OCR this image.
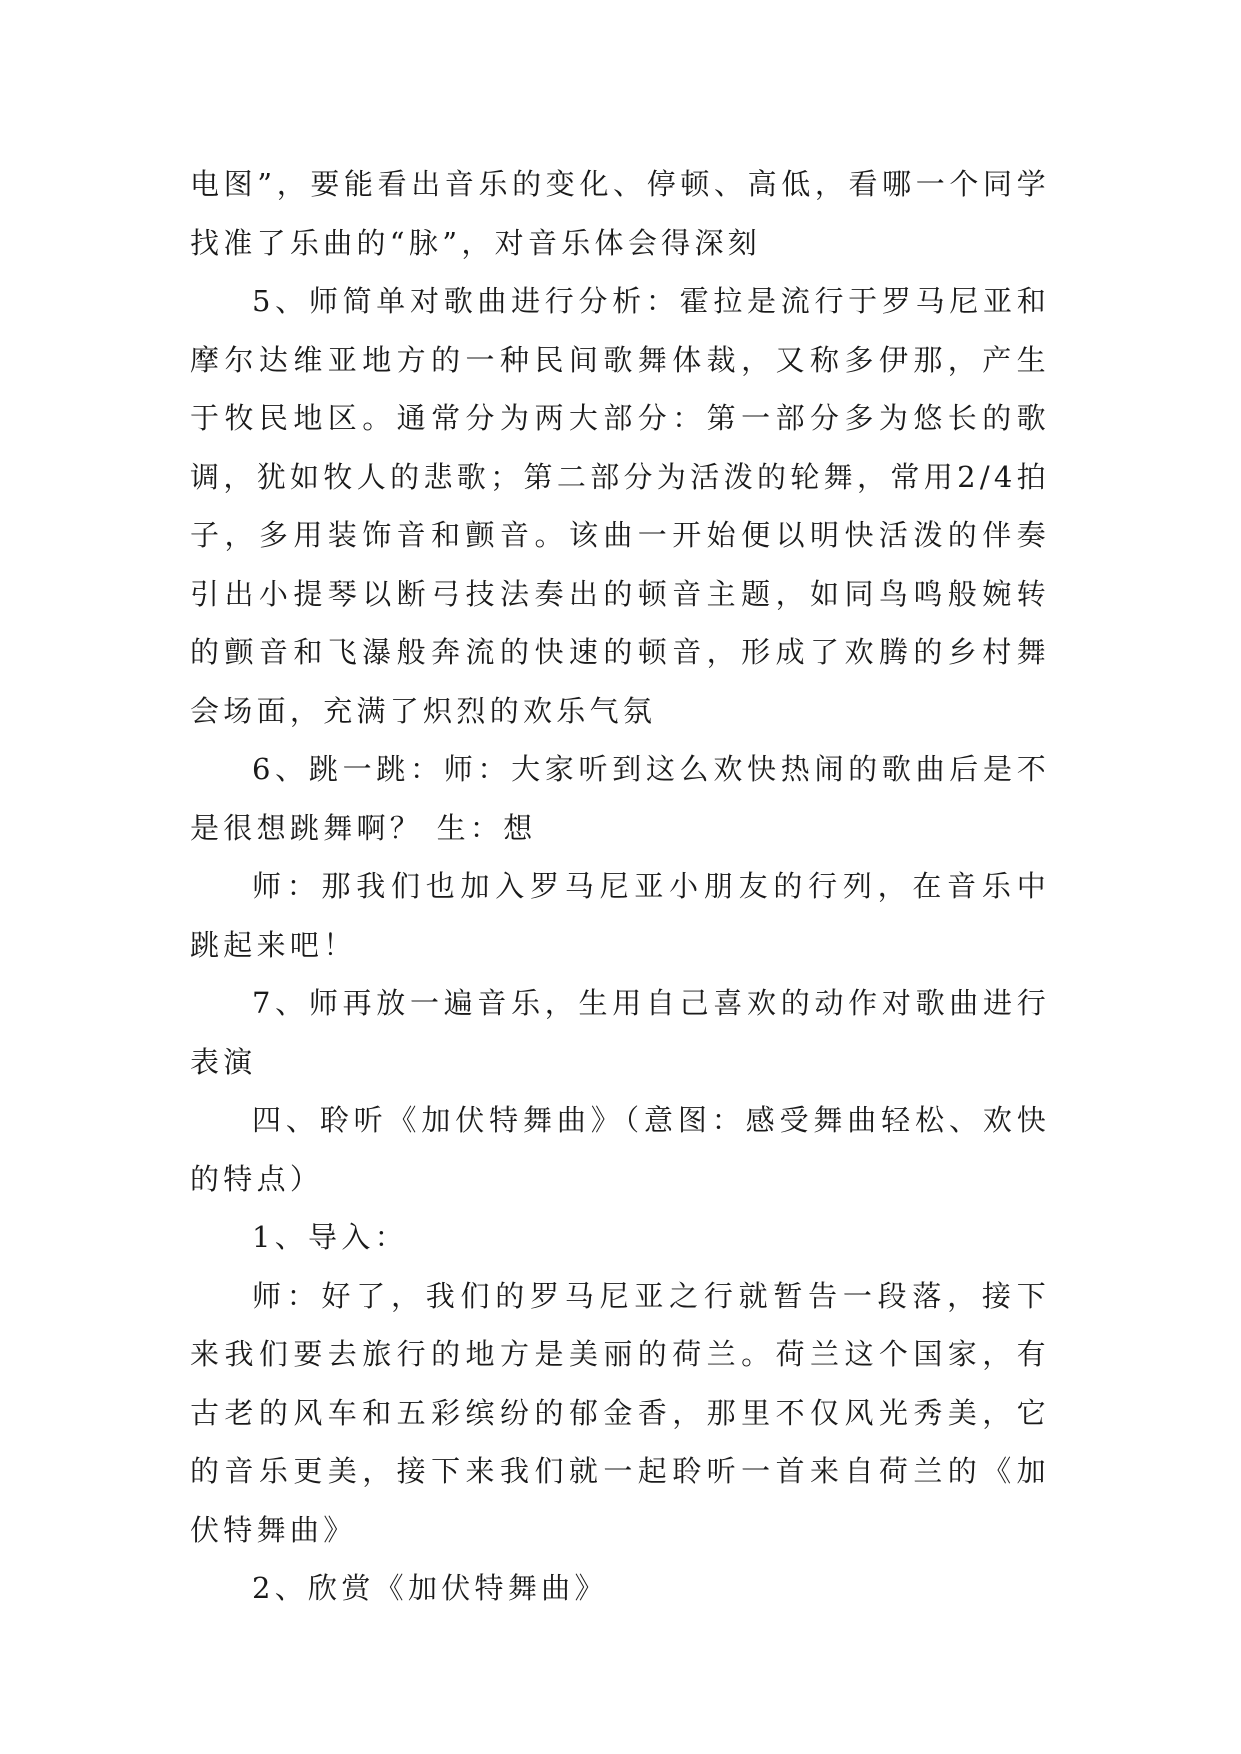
电图”，要能看出音乐的变化、停顿、高低，看哪一个同学找准了乐曲的“脉”，对音乐体会得深刻

5、师简单对歌曲进行分析：霍拉是流行于罗马尼亚和摩尔达维亚地方的一种民间歌舞体裁，又称多伊那，产生于牧民地区。通常分为两大部分：第一部分多为悠长的歌调，犹如牧人的悲歌；第二部分为活泼的轮舞，常用2/4拍子，多用装饰音和颤音。该曲一开始便以明快活泼的伴奏引出小提琴以断弓技法奏出的顿音主题，如同鸟鸣般婉转的颤音和飞瀑般奔流的快速的顿音，形成了欢腾的乡村舞会场面，充满了炽烈的欢乐气氛

6、跳一跳：师：大家听到这么欢快热闹的歌曲后是不是很想跳舞啊？ 生：想

师：那我们也加入罗马尼亚小朋友的行列，在音乐中跳起来吧！

7、师再放一遍音乐，生用自己喜欢的动作对歌曲进行表演

四、聆听《加伏特舞曲》（意图：感受舞曲轻松、欢快的特点）

1、导入：

师：好了，我们的罗马尼亚之行就暂告一段落，接下来我们要去旅行的地方是美丽的荷兰。荷兰这个国家，有古老的风车和五彩缤纷的郁金香，那里不仅风光秀美，它的音乐更美，接下来我们就一起聆听一首来自荷兰的《加伏特舞曲》

2、欣赏《加伏特舞曲》
